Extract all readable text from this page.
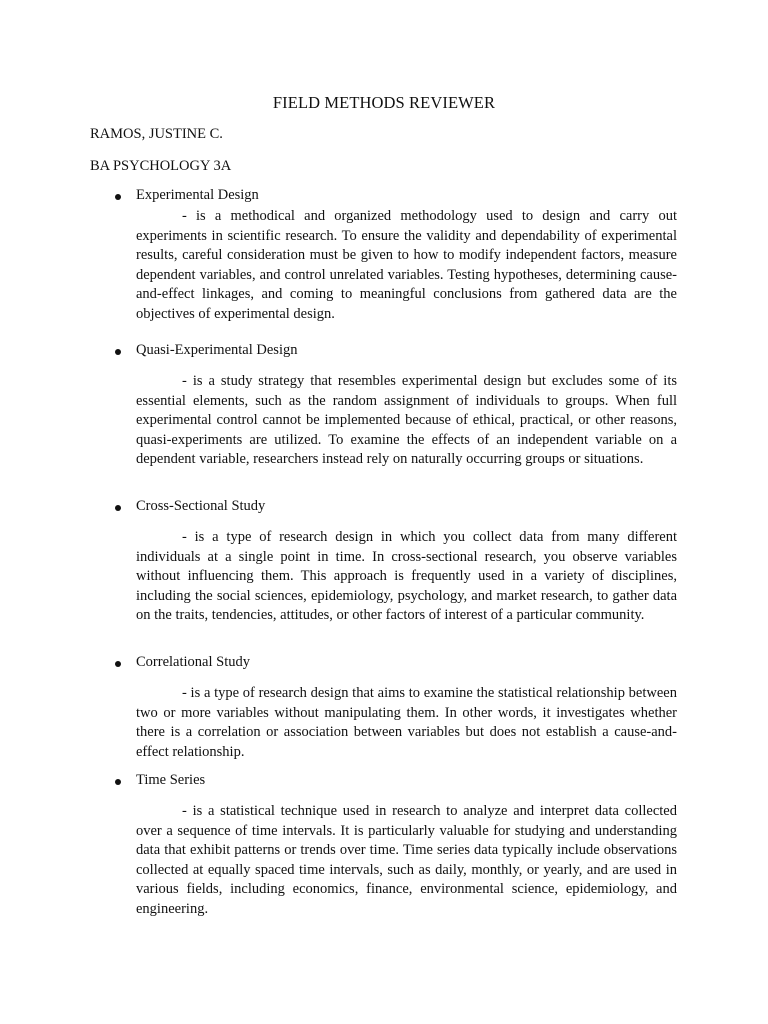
FIELD METHODS REVIEWER
RAMOS, JUSTINE C.
BA PSYCHOLOGY 3A
Experimental Design
- is a methodical and organized methodology used to design and carry out experiments in scientific research. To ensure the validity and dependability of experimental results, careful consideration must be given to how to modify independent factors, measure dependent variables, and control unrelated variables. Testing hypotheses, determining cause-and-effect linkages, and coming to meaningful conclusions from gathered data are the objectives of experimental design.
Quasi-Experimental Design
- is a study strategy that resembles experimental design but excludes some of its essential elements, such as the random assignment of individuals to groups. When full experimental control cannot be implemented because of ethical, practical, or other reasons, quasi-experiments are utilized. To examine the effects of an independent variable on a dependent variable, researchers instead rely on naturally occurring groups or situations.
Cross-Sectional Study
- is a type of research design in which you collect data from many different individuals at a single point in time. In cross-sectional research, you observe variables without influencing them. This approach is frequently used in a variety of disciplines, including the social sciences, epidemiology, psychology, and market research, to gather data on the traits, tendencies, attitudes, or other factors of interest of a particular community.
Correlational Study
- is a type of research design that aims to examine the statistical relationship between two or more variables without manipulating them. In other words, it investigates whether there is a correlation or association between variables but does not establish a cause-and-effect relationship.
Time Series
- is a statistical technique used in research to analyze and interpret data collected over a sequence of time intervals. It is particularly valuable for studying and understanding data that exhibit patterns or trends over time. Time series data typically include observations collected at equally spaced time intervals, such as daily, monthly, or yearly, and are used in various fields, including economics, finance, environmental science, epidemiology, and engineering.
